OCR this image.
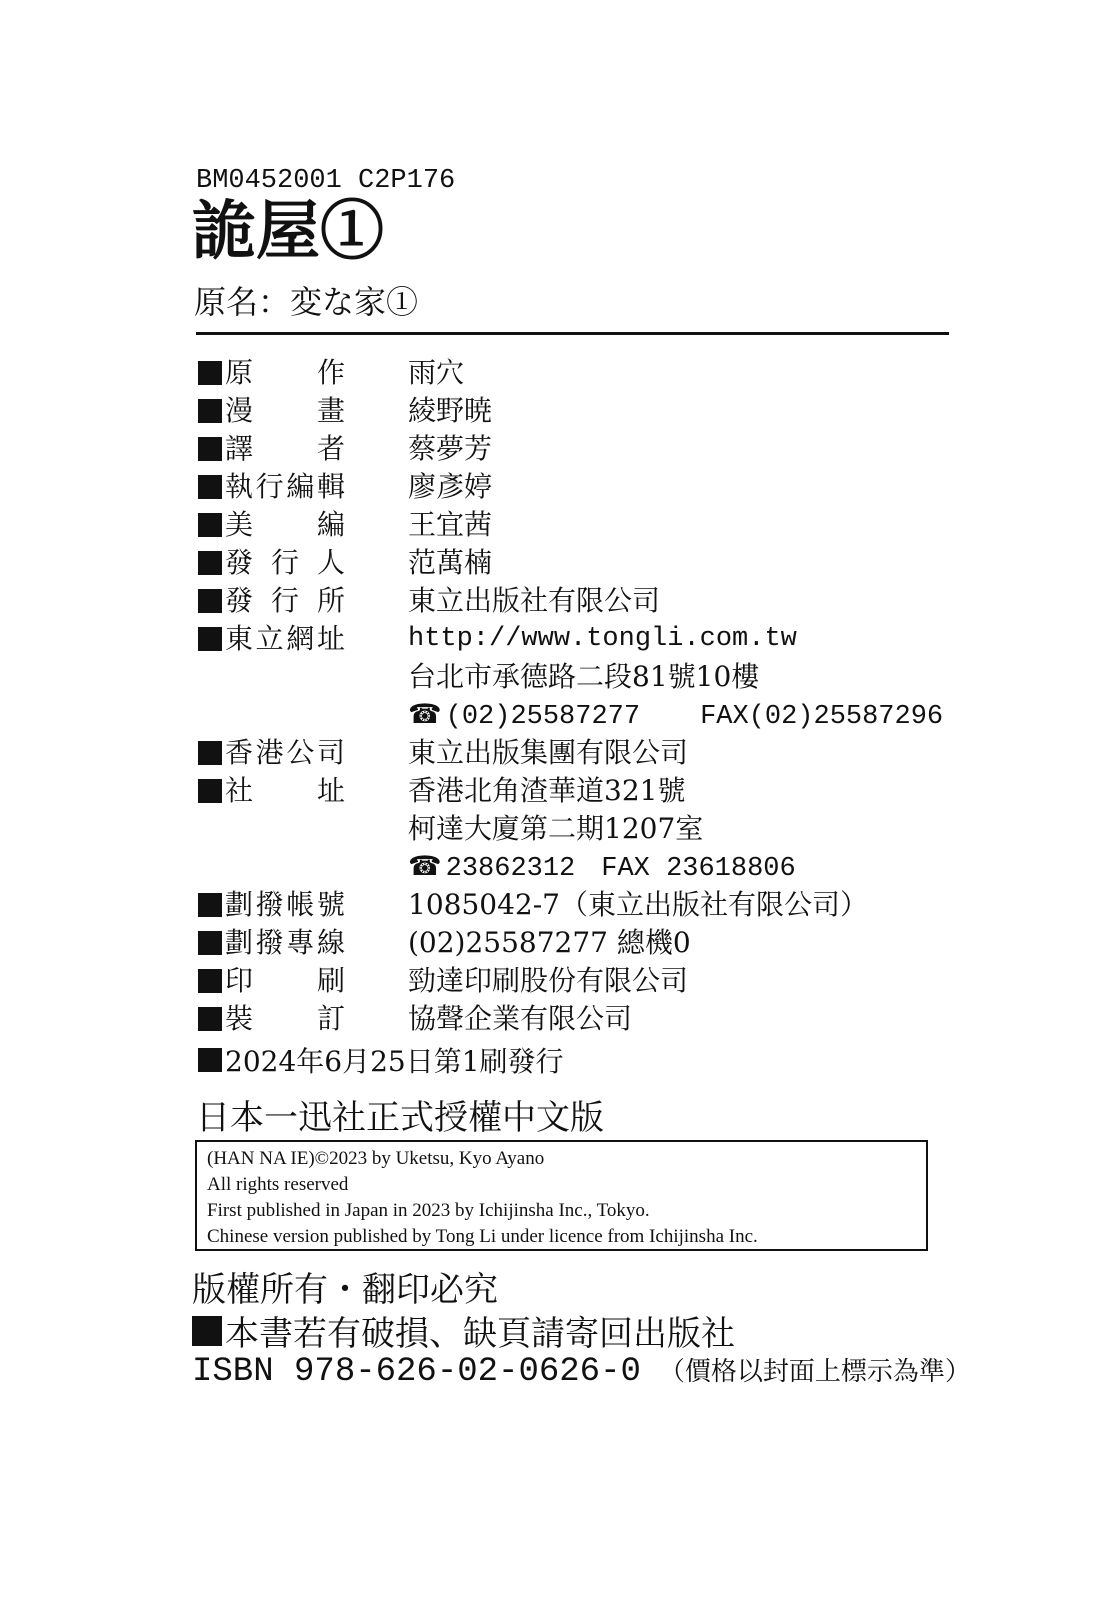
BM0452001 C2P176
詭屋①
原名：変な家①
原　作 雨穴
漫　畫 綾野暁
譯　者 蔡夢芳
執行編輯 廖彥婷
美　編 王宜茜
發 行 人 范萬楠
發 行 所 東立出版社有限公司
東立網址 http://www.tongli.com.tw
台北市承德路二段81號10樓
☎ (02)25587277 FAX(02)25587296
香港公司 東立出版集團有限公司
社　址 香港北角渣華道321號
柯達大廈第二期1207室
☎ 23862312 FAX 23618806
劃撥帳號 1085042-7（東立出版社有限公司）
劃撥專線 (02)25587277 總機0
印　刷 勁達印刷股份有限公司
裝　訂 協聲企業有限公司
2024年6月25日第1刷發行
日本一迅社正式授權中文版
(HAN NA IE)©2023 by Uketsu, Kyo Ayano
All rights reserved
First published in Japan in 2023 by Ichijinsha Inc., Tokyo.
Chinese version published by Tong Li under licence from Ichijinsha Inc.
版權所有・翻印必究
本書若有破損、缺頁請寄回出版社
ISBN 978-626-02-0626-0 （價格以封面上標示為準）
